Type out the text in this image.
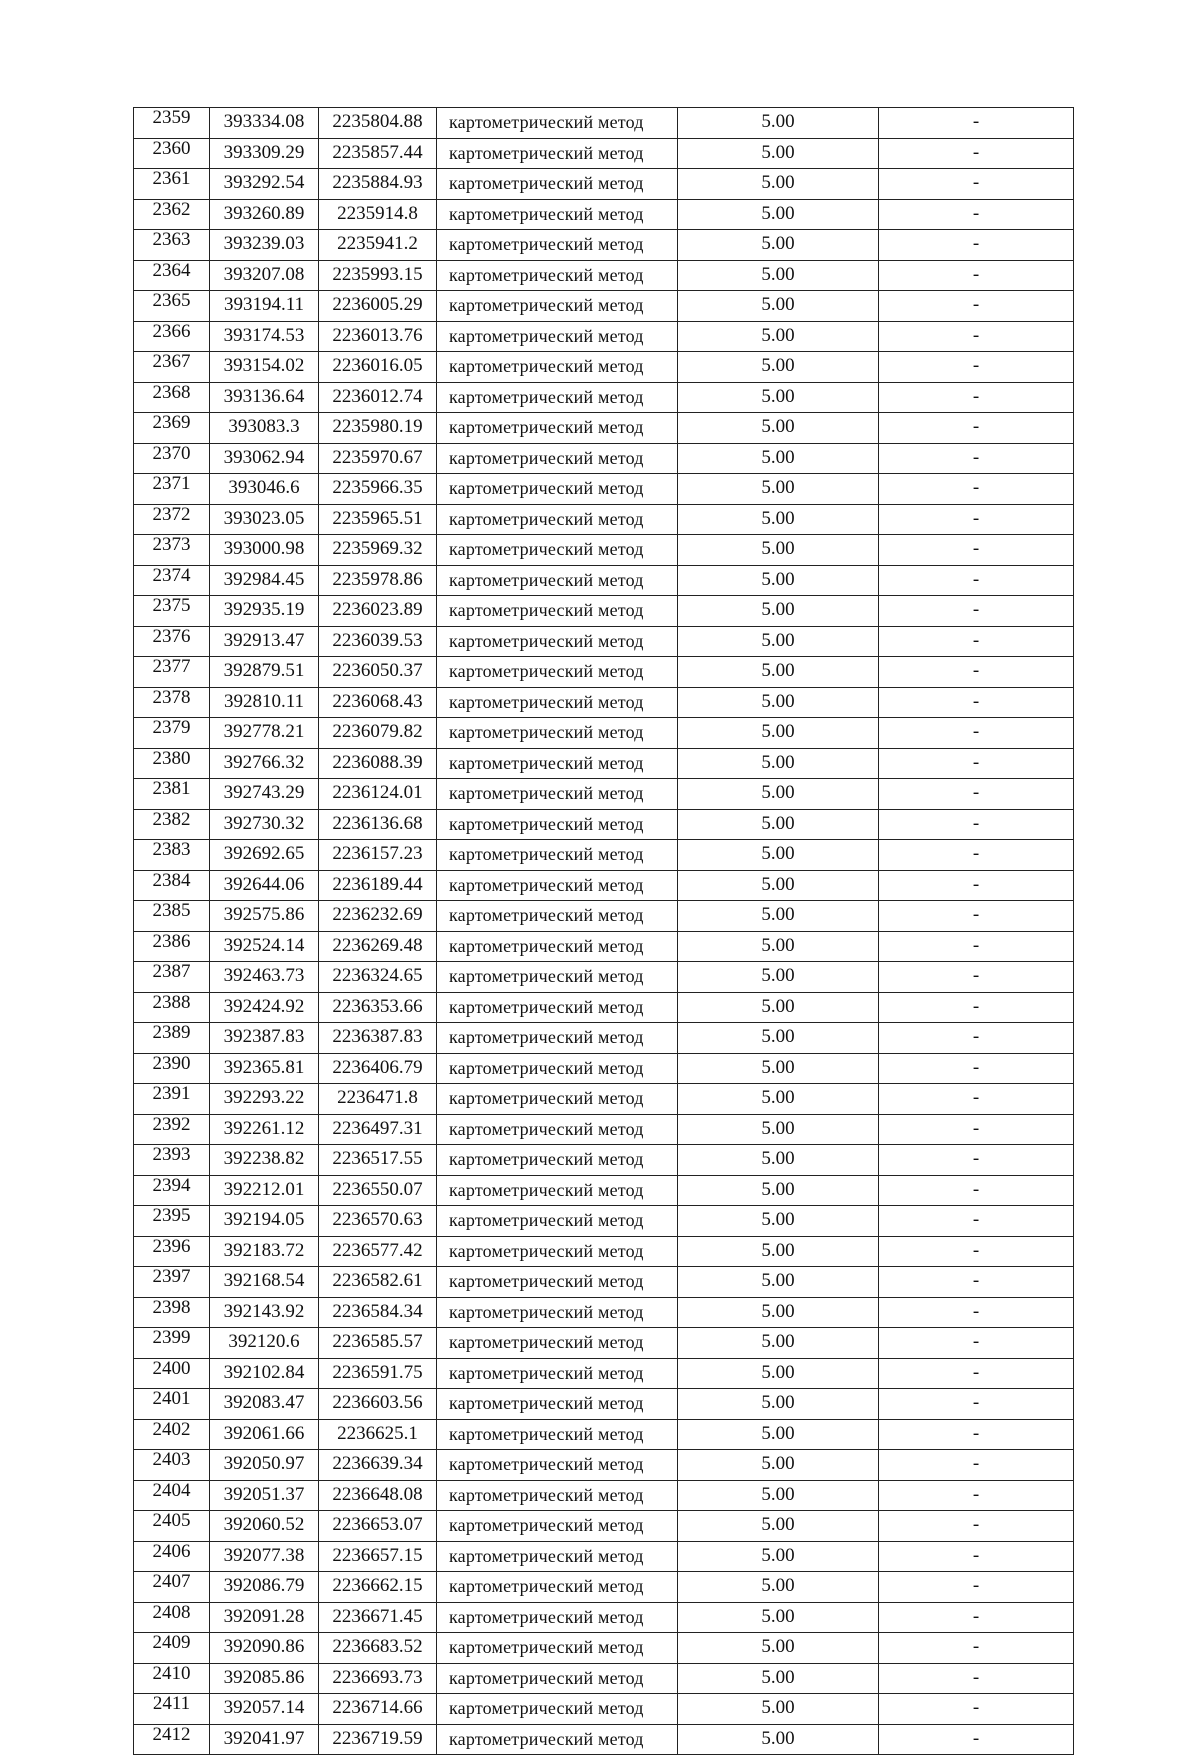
2359	393334.08	2235804.88	картометрический метод	5.00	-
2360	393309.29	2235857.44	картометрический метод	5.00	-
2361	393292.54	2235884.93	картометрический метод	5.00	-
2362	393260.89	2235914.8	картометрический метод	5.00	-
2363	393239.03	2235941.2	картометрический метод	5.00	-
2364	393207.08	2235993.15	картометрический метод	5.00	-
2365	393194.11	2236005.29	картометрический метод	5.00	-
2366	393174.53	2236013.76	картометрический метод	5.00	-
2367	393154.02	2236016.05	картометрический метод	5.00	-
2368	393136.64	2236012.74	картометрический метод	5.00	-
2369	393083.3	2235980.19	картометрический метод	5.00	-
2370	393062.94	2235970.67	картометрический метод	5.00	-
2371	393046.6	2235966.35	картометрический метод	5.00	-
2372	393023.05	2235965.51	картометрический метод	5.00	-
2373	393000.98	2235969.32	картометрический метод	5.00	-
2374	392984.45	2235978.86	картометрический метод	5.00	-
2375	392935.19	2236023.89	картометрический метод	5.00	-
2376	392913.47	2236039.53	картометрический метод	5.00	-
2377	392879.51	2236050.37	картометрический метод	5.00	-
2378	392810.11	2236068.43	картометрический метод	5.00	-
2379	392778.21	2236079.82	картометрический метод	5.00	-
2380	392766.32	2236088.39	картометрический метод	5.00	-
2381	392743.29	2236124.01	картометрический метод	5.00	-
2382	392730.32	2236136.68	картометрический метод	5.00	-
2383	392692.65	2236157.23	картометрический метод	5.00	-
2384	392644.06	2236189.44	картометрический метод	5.00	-
2385	392575.86	2236232.69	картометрический метод	5.00	-
2386	392524.14	2236269.48	картометрический метод	5.00	-
2387	392463.73	2236324.65	картометрический метод	5.00	-
2388	392424.92	2236353.66	картометрический метод	5.00	-
2389	392387.83	2236387.83	картометрический метод	5.00	-
2390	392365.81	2236406.79	картометрический метод	5.00	-
2391	392293.22	2236471.8	картометрический метод	5.00	-
2392	392261.12	2236497.31	картометрический метод	5.00	-
2393	392238.82	2236517.55	картометрический метод	5.00	-
2394	392212.01	2236550.07	картометрический метод	5.00	-
2395	392194.05	2236570.63	картометрический метод	5.00	-
2396	392183.72	2236577.42	картометрический метод	5.00	-
2397	392168.54	2236582.61	картометрический метод	5.00	-
2398	392143.92	2236584.34	картометрический метод	5.00	-
2399	392120.6	2236585.57	картометрический метод	5.00	-
2400	392102.84	2236591.75	картометрический метод	5.00	-
2401	392083.47	2236603.56	картометрический метод	5.00	-
2402	392061.66	2236625.1	картометрический метод	5.00	-
2403	392050.97	2236639.34	картометрический метод	5.00	-
2404	392051.37	2236648.08	картометрический метод	5.00	-
2405	392060.52	2236653.07	картометрический метод	5.00	-
2406	392077.38	2236657.15	картометрический метод	5.00	-
2407	392086.79	2236662.15	картометрический метод	5.00	-
2408	392091.28	2236671.45	картометрический метод	5.00	-
2409	392090.86	2236683.52	картометрический метод	5.00	-
2410	392085.86	2236693.73	картометрический метод	5.00	-
2411	392057.14	2236714.66	картометрический метод	5.00	-
2412	392041.97	2236719.59	картометрический метод	5.00	-
